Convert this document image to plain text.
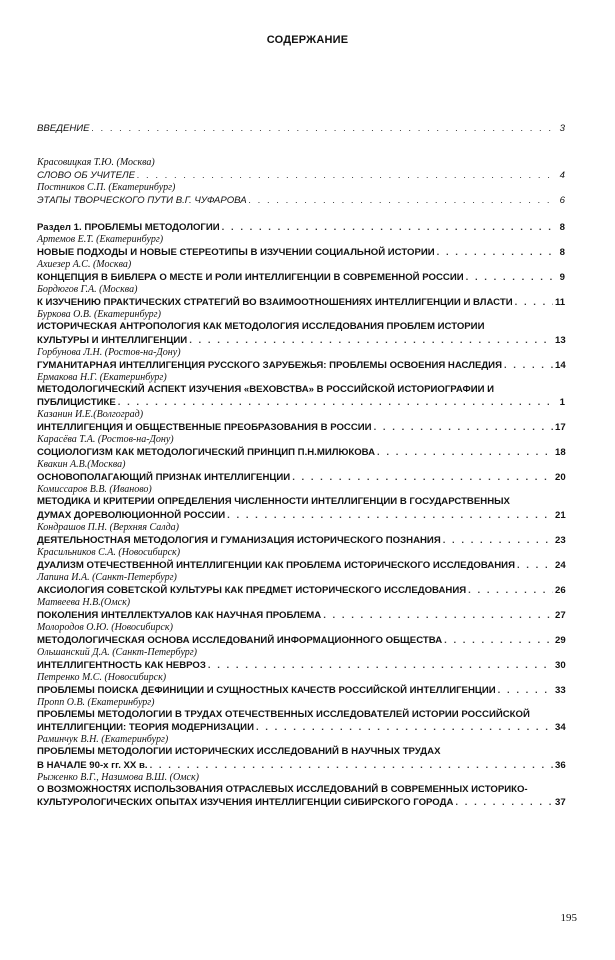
СОДЕРЖАНИЕ
ВВЕДЕНИЕ . . .	3
Красовицкая Т.Ю. (Москва)
СЛОВО ОБ УЧИТЕЛЕ . . .	4
Постников С.П. (Екатеринбург)
ЭТАПЫ ТВОРЧЕСКОГО ПУТИ В.Г. ЧУФАРОВА . . .	6
Раздел 1. ПРОБЛЕМЫ МЕТОДОЛОГИИ . . .	8
Артемов Е.Т. (Екатеринбург)
НОВЫЕ ПОДХОДЫ И НОВЫЕ СТЕРЕОТИПЫ В ИЗУЧЕНИИ СОЦИАЛЬНОЙ ИСТОРИИ . . .	8
Ахиезер А.С. (Москва)
КОНЦЕПЦИЯ В БИБЛЕРА О МЕСТЕ И РОЛИ ИНТЕЛЛИГЕНЦИИ В СОВРЕМЕННОЙ РОССИИ . . .	9
Бордюгов Г.А. (Москва)
К ИЗУЧЕНИЮ ПРАКТИЧЕСКИХ СТРАТЕГИЙ ВО ВЗАИМООТНОШЕНИЯХ ИНТЕЛЛИГЕНЦИИ И ВЛАСТИ . . .	11
Буркова О.В. (Екатеринбург)
ИСТОРИЧЕСКАЯ АНТРОПОЛОГИЯ КАК МЕТОДОЛОГИЯ ИССЛЕДОВАНИЯ ПРОБЛЕМ ИСТОРИИ
КУЛЬТУРЫ И ИНТЕЛЛИГЕНЦИИ . . .	13
Горбунова Л.Н. (Ростов-на-Дону)
ГУМАНИТАРНАЯ ИНТЕЛЛИГЕНЦИЯ РУССКОГО ЗАРУБЕЖЬЯ: ПРОБЛЕМЫ ОСВОЕНИЯ НАСЛЕДИЯ . . .	14
Ермакова Н.Г. (Екатеринбург)
МЕТОДОЛОГИЧЕСКИЙ АСПЕКТ ИЗУЧЕНИЯ «ВЕХОВСТВА» В РОССИЙСКОЙ ИСТОРИОГРАФИИ И
ПУБЛИЦИСТИКЕ . . .	1
Казанин И.Е.(Волгоград)
ИНТЕЛЛИГЕНЦИЯ И ОБЩЕСТВЕННЫЕ ПРЕОБРАЗОВАНИЯ В РОССИИ . . .	17
Карасёва Т.А. (Ростов-на-Дону)
СОЦИОЛОГИЗМ КАК МЕТОДОЛОГИЧЕСКИЙ ПРИНЦИП П.Н.МИЛЮКОВА . . .	18
Квакин А.В.(Москва)
ОСНОВОПОЛАГАЮЩИЙ ПРИЗНАК ИНТЕЛЛИГЕНЦИИ . . .	20
Комиссаров В.В. (Иваново)
МЕТОДИКА И КРИТЕРИИ ОПРЕДЕЛЕНИЯ ЧИСЛЕННОСТИ ИНТЕЛЛИГЕНЦИИ В ГОСУДАРСТВЕННЫХ
ДУМАХ ДОРЕВОЛЮЦИОННОЙ РОССИИ . . .	21
Кондрашов П.Н. (Верхняя Салда)
ДЕЯТЕЛЬНОСТНАЯ МЕТОДОЛОГИЯ И ГУМАНИЗАЦИЯ ИСТОРИЧЕСКОГО ПОЗНАНИЯ . . .	23
Красильников С.А. (Новосибирск)
ДУАЛИЗМ ОТЕЧЕСТВЕННОЙ ИНТЕЛЛИГЕНЦИИ КАК ПРОБЛЕМА ИСТОРИЧЕСКОГО ИССЛЕДОВАНИЯ . . .	24
Лапина И.А. (Санкт-Петербург)
АКСИОЛОГИЯ СОВЕТСКОЙ КУЛЬТУРЫ КАК ПРЕДМЕТ ИСТОРИЧЕСКОГО ИССЛЕДОВАНИЯ . . .	26
Матвеева Н.В.(Омск)
ПОКОЛЕНИЯ ИНТЕЛЛЕКТУАЛОВ КАК НАУЧНАЯ ПРОБЛЕМА . . .	27
Молородов О.Ю. (Новосибирск)
МЕТОДОЛОГИЧЕСКАЯ ОСНОВА ИССЛЕДОВАНИЙ ИНФОРМАЦИОННОГО ОБЩЕСТВА . . .	29
Ольшанский Д.А. (Санкт-Петербург)
ИНТЕЛЛИГЕНТНОСТЬ КАК НЕВРОЗ . . .	30
Петренко М.С. (Новосибирск)
ПРОБЛЕМЫ ПОИСКА ДЕФИНИЦИИ И СУЩНОСТНЫХ КАЧЕСТВ РОССИЙСКОЙ ИНТЕЛЛИГЕНЦИИ . . .	33
Пропп О.В. (Екатеринбург)
ПРОБЛЕМЫ МЕТОДОЛОГИИ В ТРУДАХ ОТЕЧЕСТВЕННЫХ ИССЛЕДОВАТЕЛЕЙ ИСТОРИИ РОССИЙСКОЙ
ИНТЕЛЛИГЕНЦИИ: ТЕОРИЯ МОДЕРНИЗАЦИИ . . .	34
Раминчук В.Н. (Екатеринбург)
ПРОБЛЕМЫ МЕТОДОЛОГИИ ИСТОРИЧЕСКИХ ИССЛЕДОВАНИЙ В НАУЧНЫХ ТРУДАХ
В НАЧАЛЕ 90-х гг. XX в. . . .	36
Рыженко В.Г., Назимова В.Ш. (Омск)
О ВОЗМОЖНОСТЯХ ИСПОЛЬЗОВАНИЯ ОТРАСЛЕВЫХ ИССЛЕДОВАНИЙ В СОВРЕМЕННЫХ ИСТОРИКО-
КУЛЬТУРОЛОГИЧЕСКИХ ОПЫТАХ ИЗУЧЕНИЯ ИНТЕЛЛИГЕНЦИИ СИБИРСКОГО ГОРОДА . . .	37
195
